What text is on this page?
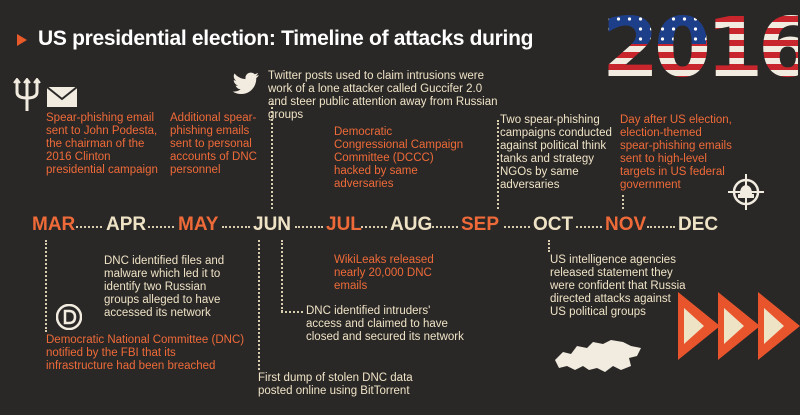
US presidential election: Timeline of attacks during
Spear-phishing email sent to John Podesta, the chairman of the 2016 Clinton presidential campaign
Additional spear-phishing emails sent to personal accounts of DNC personnel
Twitter posts used to claim intrusions were work of a lone attacker called Guccifer 2.0 and steer public attention away from Russian groups
Democratic Congressional Campaign Committee (DCCC) hacked by same adversaries
Two spear-phishing campaigns conducted against political think tanks and strategy NGOs by same adversaries
Day after US election, election-themed spear-phishing emails sent to high-level targets in US federal government
DNC identified files and malware which led it to identify two Russian groups alleged to have accessed its network
WikiLeaks released nearly 20,000 DNC emails
US intelligence agencies released statement they were confident that Russia directed attacks against US political groups
DNC identified intruders' access and claimed to have closed and secured its network
Democratic National Committee (DNC) notified by the FBI that its infrastructure had been breached
First dump of stolen DNC data posted online using BitTorrent
MAR APR MAY JUN JUL AUG SEP OCT NOV DEC
